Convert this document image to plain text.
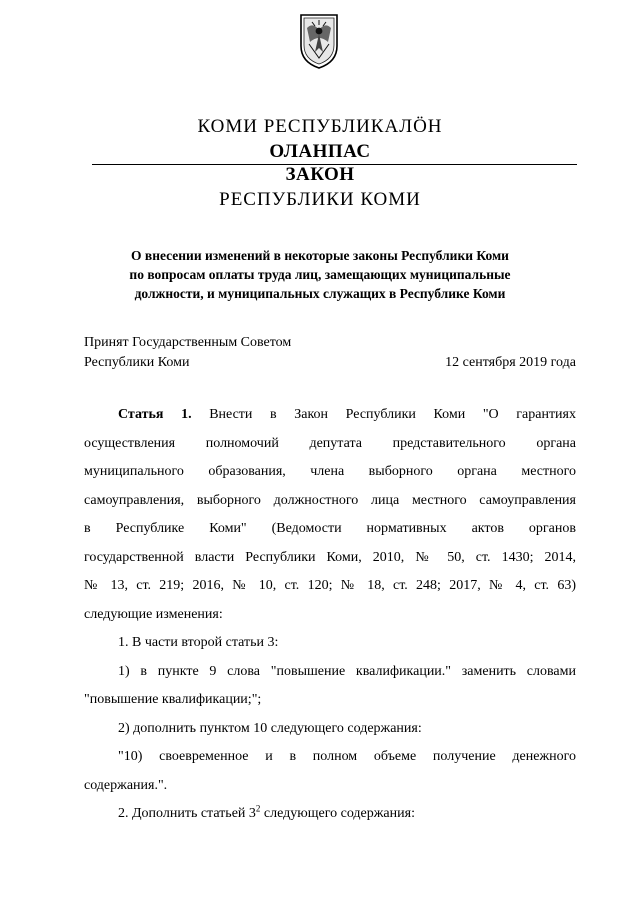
КОМИ РЕСПУБЛИКАЛӦН
ОЛАНПАС
ЗАКОН
РЕСПУБЛИКИ КОМИ
О внесении изменений в некоторые законы Республики Коми
по вопросам оплаты труда лиц, замещающих муниципальные
должности, и муниципальных служащих в Республике Коми
Принят Государственным Советом
Республики Коми	12 сентября 2019 года
Статья 1. Внести в Закон Республики Коми "О гарантиях
осуществления полномочий депутата представительного органа
муниципального образования, члена выборного органа местного
самоуправления, выборного должностного лица местного самоуправления
в Республике Коми" (Ведомости нормативных актов органов
государственной власти Республики Коми, 2010, № 50, ст. 1430; 2014,
№ 13, ст. 219; 2016, № 10, ст. 120; № 18, ст. 248; 2017, № 4, ст. 63)
следующие изменения:
1. В части второй статьи 3:
1) в пункте 9 слова "повышение квалификации." заменить словами
"повышение квалификации;";
2) дополнить пунктом 10 следующего содержания:
"10) своевременное и в полном объеме получение денежного
содержания.".
2. Дополнить статьей $3^2$ следующего содержания:
